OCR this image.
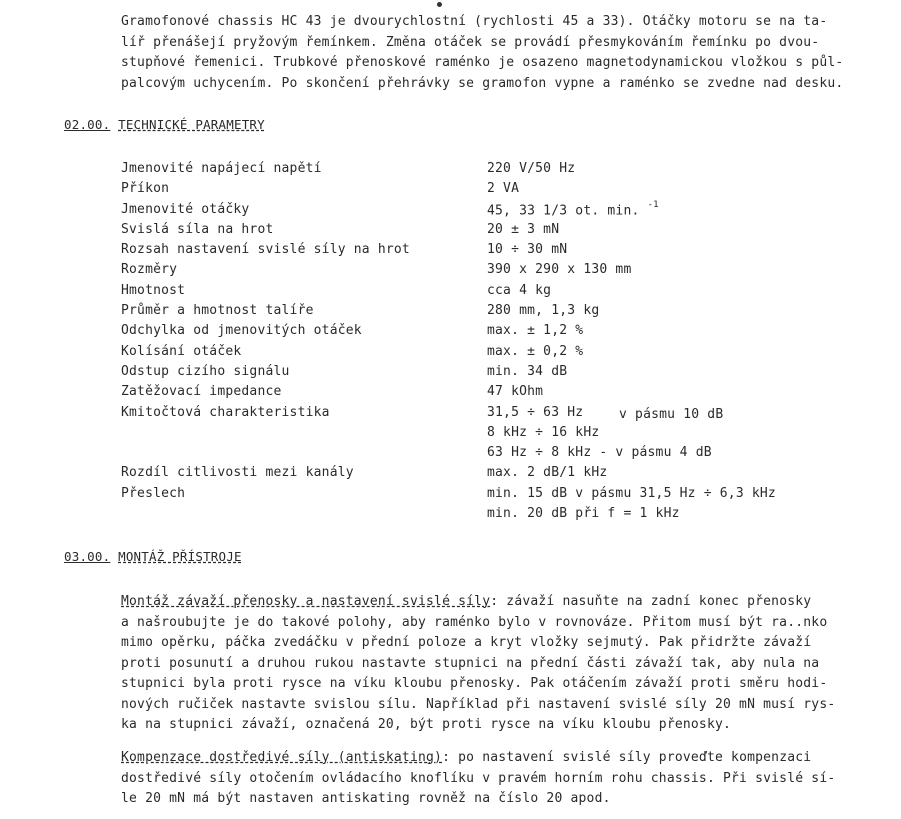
Gramofonové chassis HC 43 je dvourychlostní (rychlosti 45 a 33). Otáčky motoru se na ta-
líř přenášejí pryžovým řemínkem. Změna otáček se provádí přesmykováním řemínku po dvou-
stupňové řemenici. Trubkové přenoskové raménko je osazeno magnetodynamickou vložkou s půl-
palcovým uchycením. Po skončení přehrávky se gramofon vypne a raménko se zvedne nad desku.
02.00. TECHNICKÉ PARAMETRY
Jmenovité napájecí napětí	220 V/50 Hz
Příkon	2 VA
Jmenovité otáčky	45, 33 1/3 ot. min. $^{-1}$
Svislá síla na hrot	20 ± 3 mN
Rozsah nastavení svislé síly na hrot	10 ÷ 30 mN
Rozměry	390 x 290 x 130 mm
Hmotnost	cca 4 kg
Průměr a hmotnost talíře	280 mm, 1,3 kg
Odchylka od jmenovitých otáček	max. ± 1,2 %
Kolísání otáček	max. ± 0,2 %
Odstup cizího signálu	min. 34 dB
Zatěžovací impedance	47 kOhm
Kmitočtová charakteristika	31,5 ÷ 63 Hz	v pásmu 10 dB
8 kHz ÷ 16 kHz
63 Hz ÷ 8 kHz - v pásmu 4 dB
Rozdíl citlivosti mezi kanály	max. 2 dB/1 kHz
Přeslech	min. 15 dB v pásmu 31,5 Hz ÷ 6,3 kHz
min. 20 dB při f = 1 kHz
03.00. MONTÁŽ PŘÍSTROJE
Montáž závaží přenosky a nastavení svislé síly: závaží nasuňte na zadní konec přenosky
a našroubujte je do takové polohy, aby raménko bylo v rovnováze. Přitom musí být ra..nko
mimo opěrku, páčka zvedáčku v přední poloze a kryt vložky sejmutý. Pak přidržte závaží
proti posunutí a druhou rukou nastavte stupnici na přední části závaží tak, aby nula na
stupnici byla proti rysce na víku kloubu přenosky. Pak otáčením závaží proti směru hodi-
nových ručiček nastavte svislou sílu. Například při nastavení svislé síly 20 mN musí rys-
ka na stupnici závaží, označená 20, být proti rysce na víku kloubu přenosky.
Kompenzace dostředivé síly (antiskating): po nastavení svislé síly proveďte kompenzaci
dostředivé síly otočením ovládacího knoflíku v pravém horním rohu chassis. Při svislé sí-
le 20 mN má být nastaven antiskating rovněž na číslo 20 apod.
